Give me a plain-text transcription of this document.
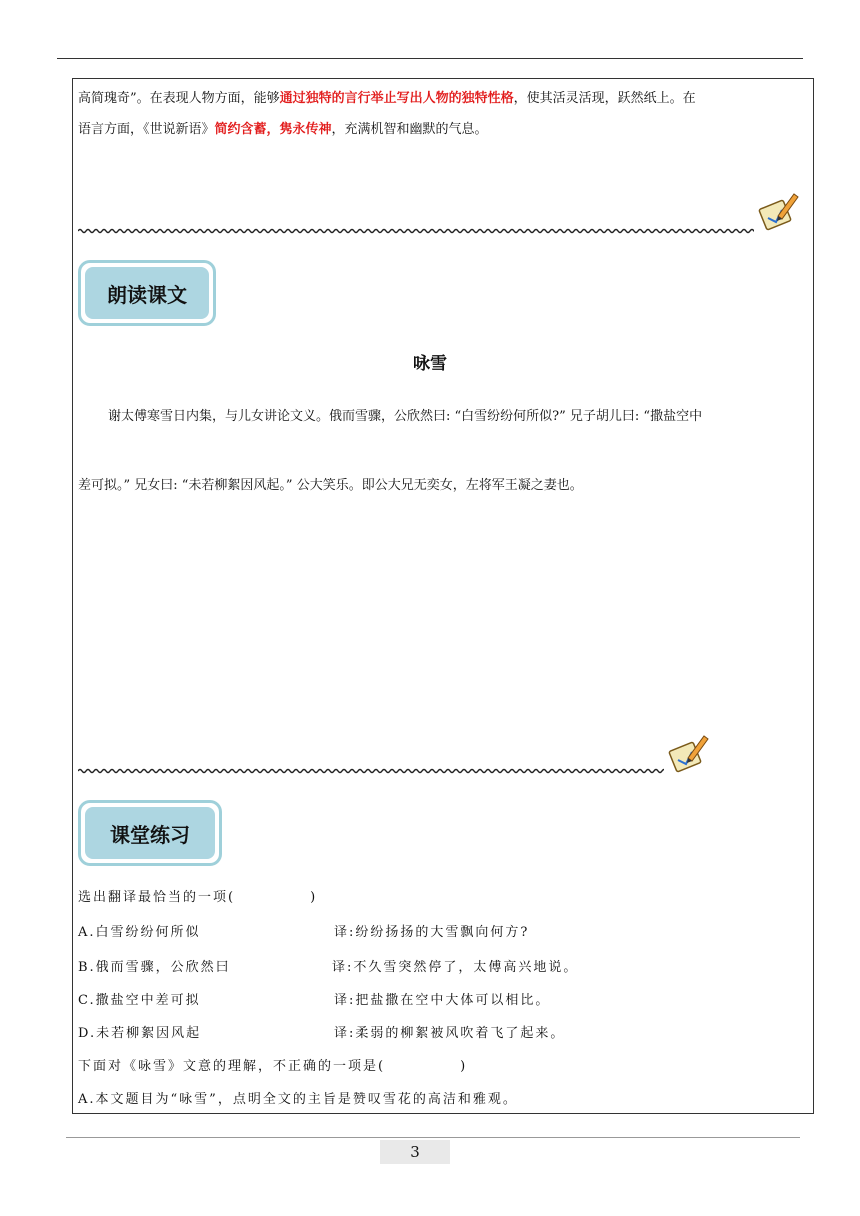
高简瑰奇”。在表现人物方面，能够通过独特的言行举止写出人物的独特性格，使其活灵活现，跃然纸上。在
语言方面，《世说新语》简约含蓄，隽永传神，充满机智和幽默的气息。
朗读课文
咏雪
谢太傅寒雪日内集，与儿女讲论文义。俄而雪骤，公欣然曰: “白雪纷纷何所似?” 兄子胡儿曰: “撒盐空中
差可拟。” 兄女曰: “未若柳絮因风起。” 公大笑乐。即公大兄无奕女，左将军王凝之妻也。
课堂练习
选出翻译最恰当的一项(　　　　　)
A.白雪纷纷何所似	译:纷纷扬扬的大雪飘向何方?
B.俄而雪骤，公欣然曰	译:不久雪突然停了，太傅高兴地说。
C.撒盐空中差可拟	译:把盐撒在空中大体可以相比。
D.未若柳絮因风起	译:柔弱的柳絮被风吹着飞了起来。
下面对《咏雪》文意的理解，不正确的一项是(　　　　　)
A.本文题目为“咏雪”，点明全文的主旨是赞叹雪花的高洁和雅观。
3
